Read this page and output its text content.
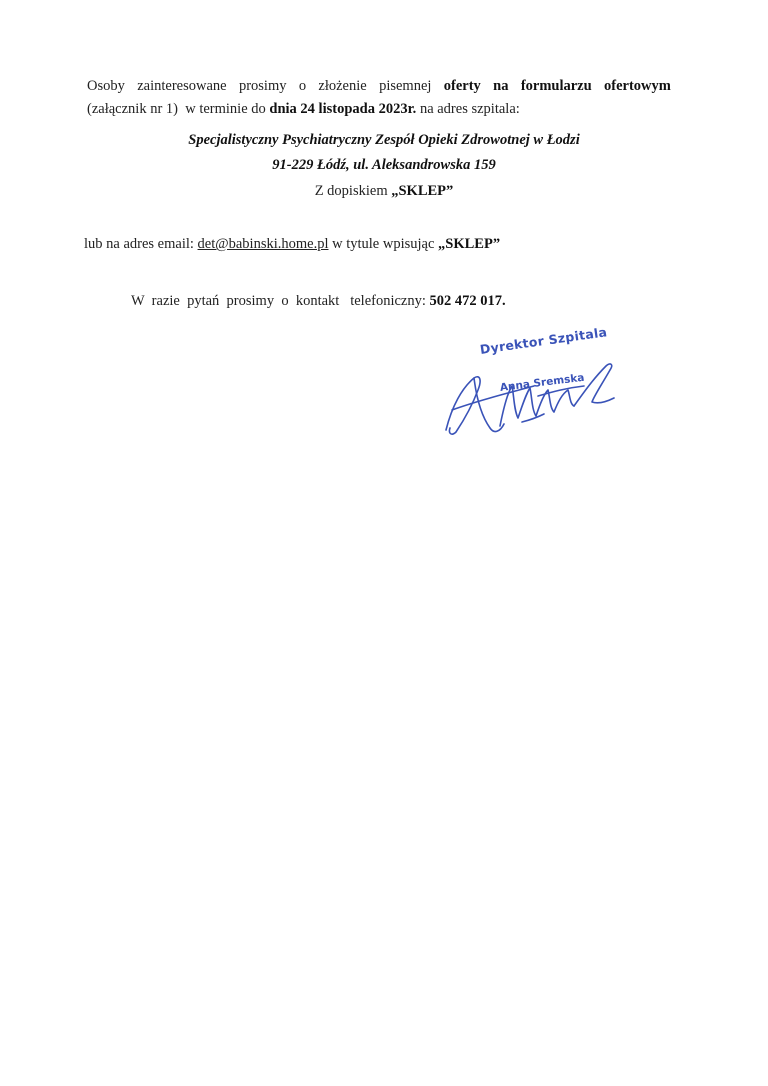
Osoby zainteresowane prosimy o złożenie pisemnej oferty na formularzu ofertowym
(załącznik nr 1)  w terminie do dnia 24 listopada 2023r. na adres szpitala:
Specjalistyczny Psychiatryczny Zespół Opieki Zdrowotnej w Łodzi
91-229 Łódź, ul. Aleksandrowska 159
Z dopiskiem „SKLEP”
lub na adres email: det@babinski.home.pl w tytule wpisując „SKLEP”
W  razie  pytań  prosimy  o  kontakt   telefoniczny: 502 472 017.
Dyrektor Szpitala
Anna Sremska
